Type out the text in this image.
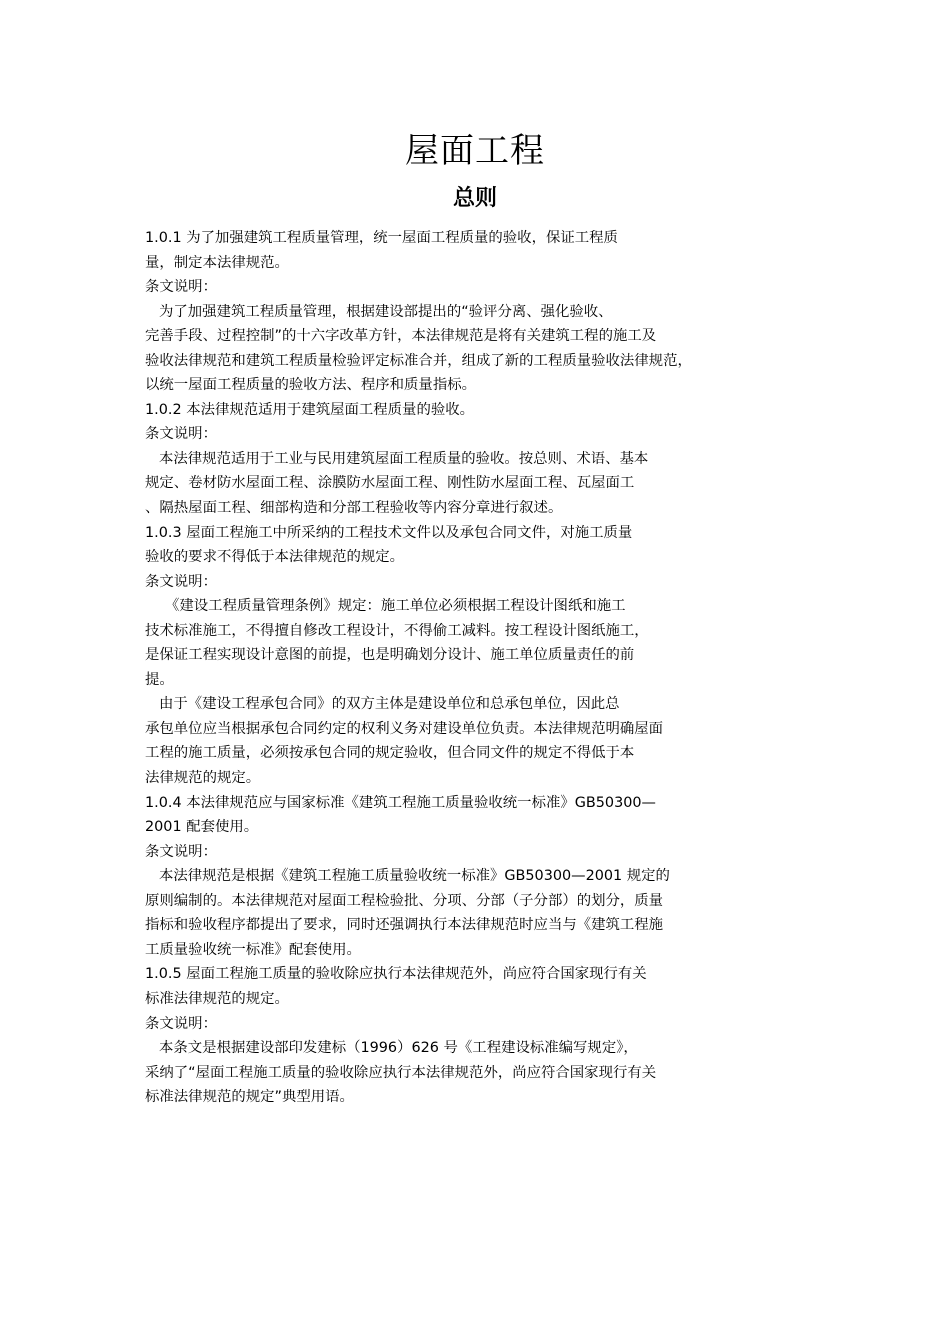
屋面工程
总则
1.0.1 为了加强建筑工程质量管理，统一屋面工程质量的验收，保证工程质
量，制定本法律规范。
条文说明：
为了加强建筑工程质量管理，根据建设部提出的“验评分离、强化验收、
完善手段、过程控制”的十六字改革方针，本法律规范是将有关建筑工程的施工及
验收法律规范和建筑工程质量检验评定标准合并，组成了新的工程质量验收法律规范，
以统一屋面工程质量的验收方法、程序和质量指标。
1.0.2 本法律规范适用于建筑屋面工程质量的验收。
条文说明：
本法律规范适用于工业与民用建筑屋面工程质量的验收。按总则、术语、基本
规定、卷材防水屋面工程、涂膜防水屋面工程、刚性防水屋面工程、瓦屋面工
、隔热屋面工程、细部构造和分部工程验收等内容分章进行叙述。
1.0.3 屋面工程施工中所采纳的工程技术文件以及承包合同文件，对施工质量
验收的要求不得低于本法律规范的规定。
条文说明：
《建设工程质量管理条例》规定：施工单位必须根据工程设计图纸和施工
技术标准施工，不得擅自修改工程设计，不得偷工减料。按工程设计图纸施工，
是保证工程实现设计意图的前提，也是明确划分设计、施工单位质量责任的前
提。
由于《建设工程承包合同》的双方主体是建设单位和总承包单位，因此总
承包单位应当根据承包合同约定的权利义务对建设单位负责。本法律规范明确屋面
工程的施工质量，必须按承包合同的规定验收，但合同文件的规定不得低于本
法律规范的规定。
1.0.4 本法律规范应与国家标准《建筑工程施工质量验收统一标准》GB50300—
2001 配套使用。
条文说明：
本法律规范是根据《建筑工程施工质量验收统一标准》GB50300—2001 规定的
原则编制的。本法律规范对屋面工程检验批、分项、分部（子分部）的划分，质量
指标和验收程序都提出了要求，同时还强调执行本法律规范时应当与《建筑工程施
工质量验收统一标准》配套使用。
1.0.5 屋面工程施工质量的验收除应执行本法律规范外，尚应符合国家现行有关
标准法律规范的规定。
条文说明：
本条文是根据建设部印发建标（1996）626 号《工程建设标准编写规定》，
采纳了“屋面工程施工质量的验收除应执行本法律规范外，尚应符合国家现行有关
标准法律规范的规定”典型用语。
